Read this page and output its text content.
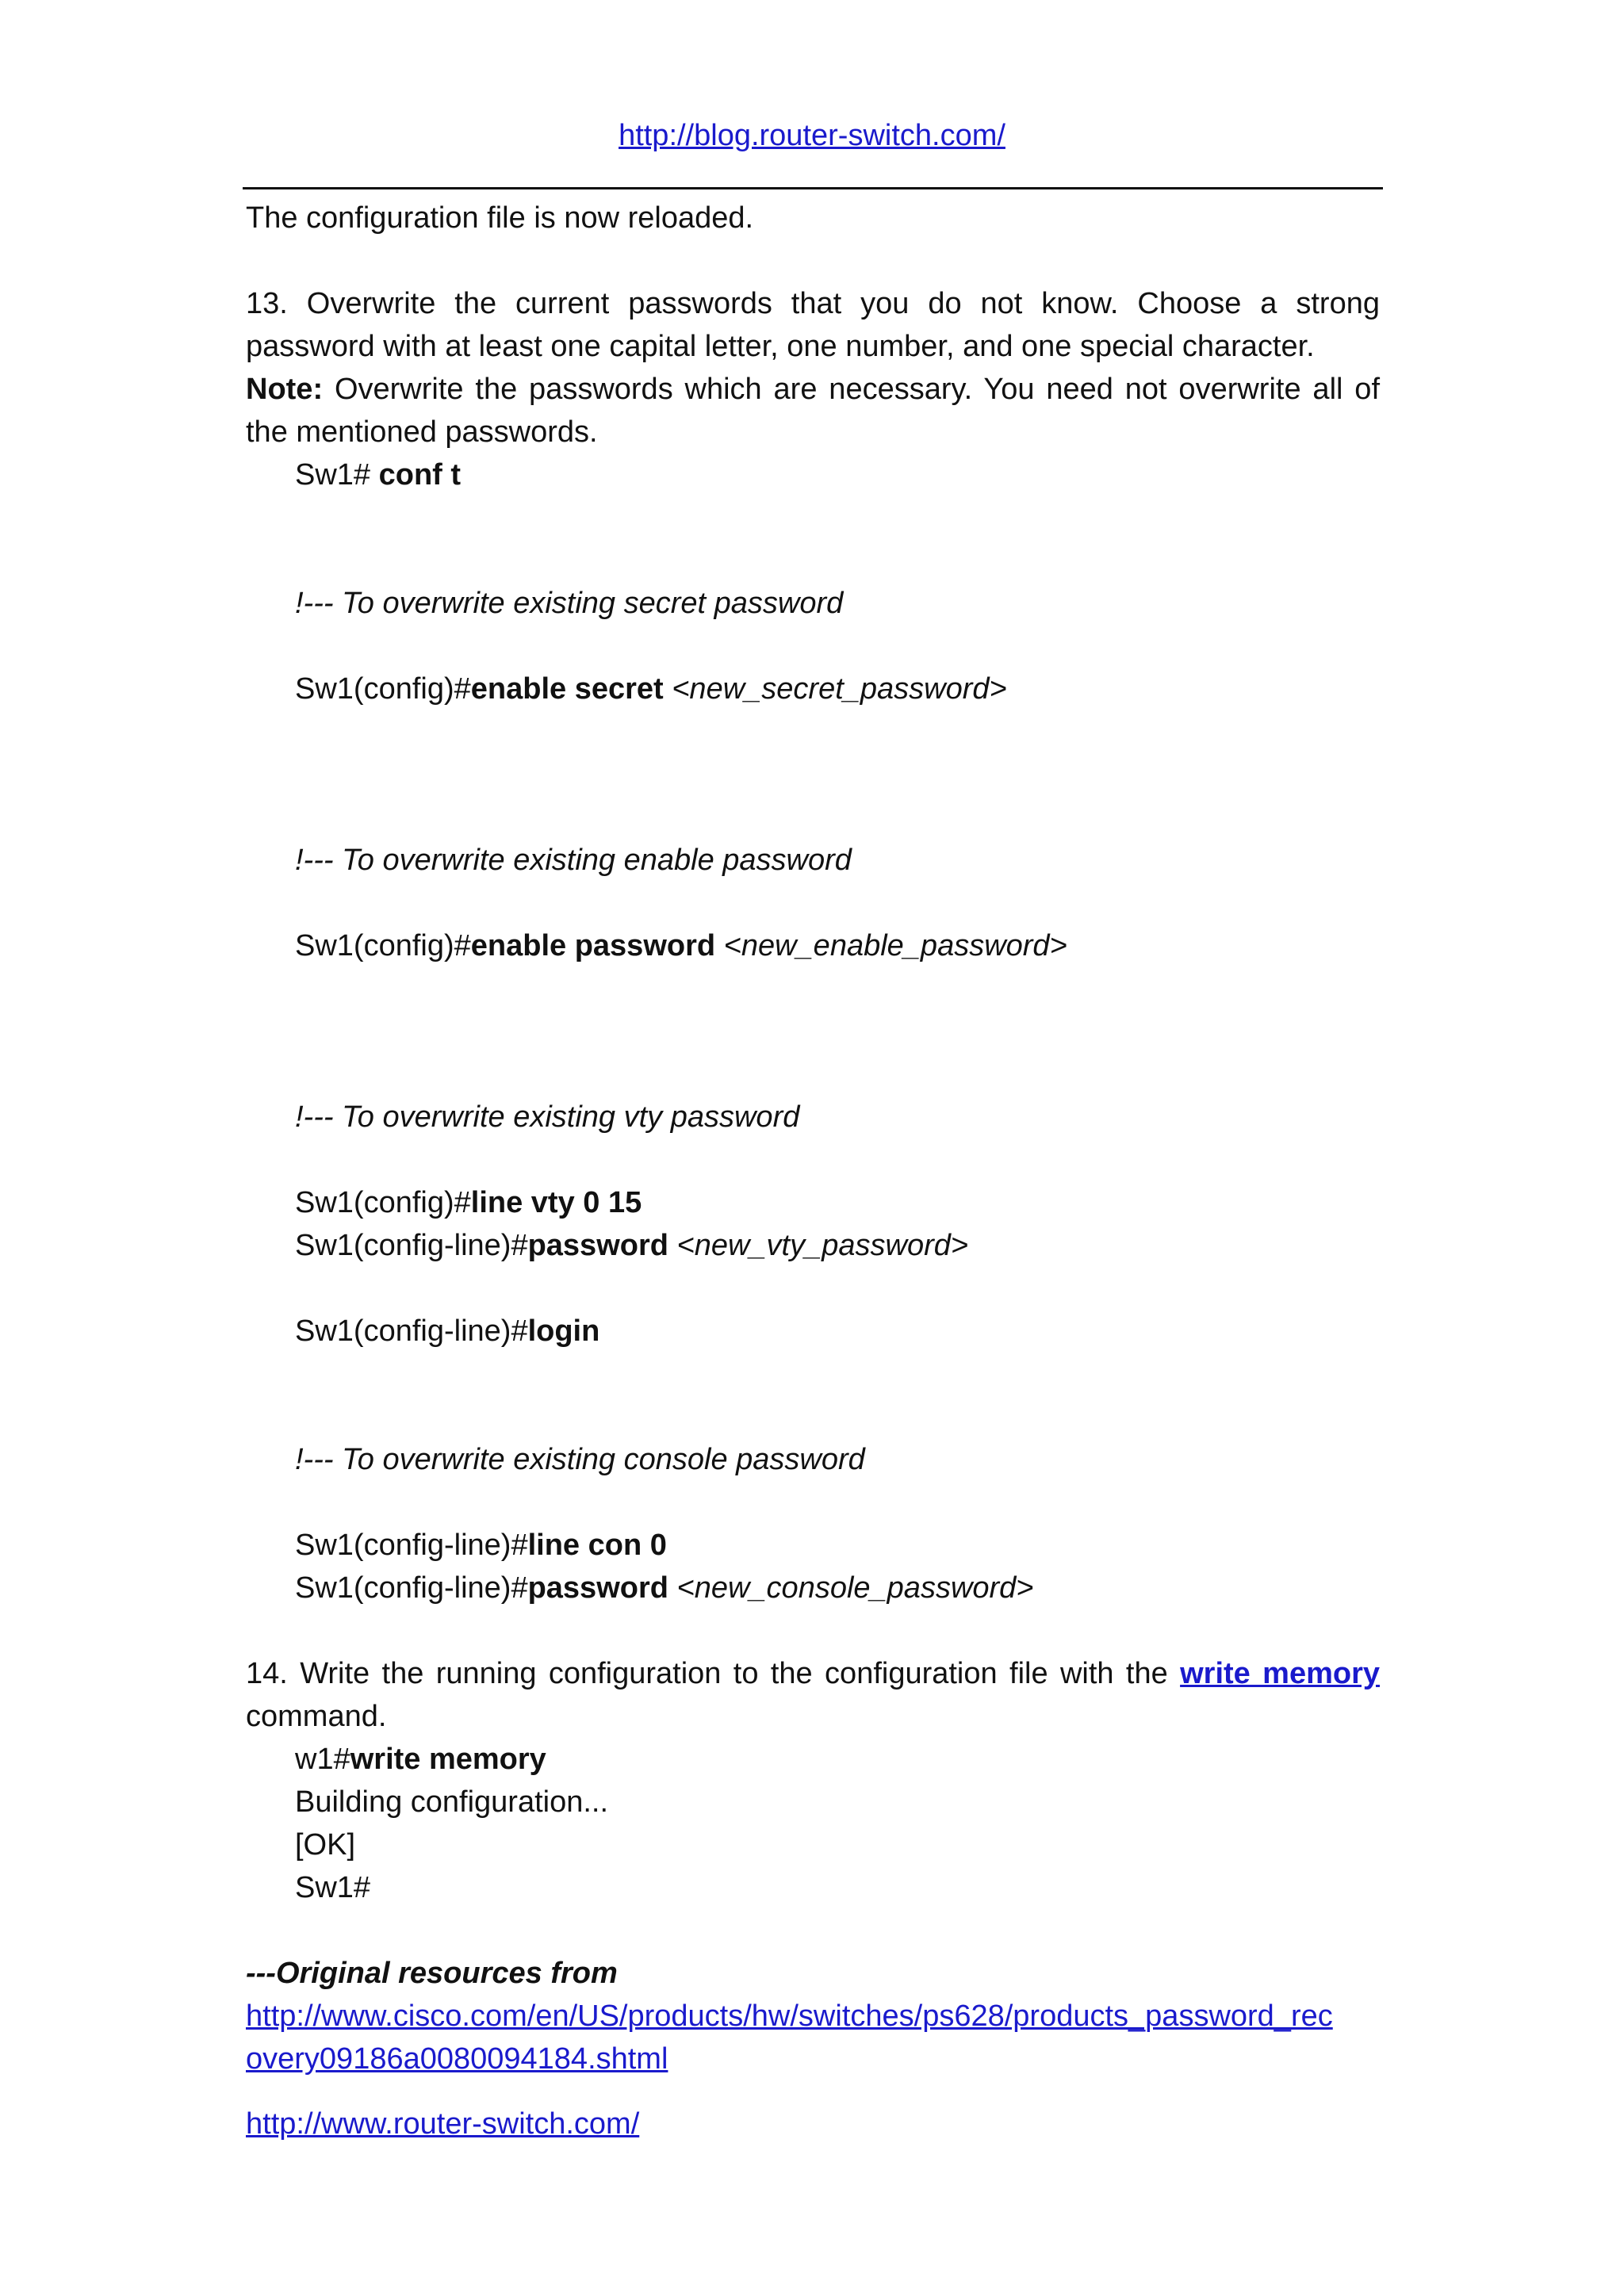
http://blog.router-switch.com/

The configuration file is now reloaded.

13. Overwrite the current passwords that you do not know. Choose a strong password with at least one capital letter, one number, and one special character.

Note: Overwrite the passwords which are necessary. You need not overwrite all of the mentioned passwords.

Sw1# conf t

!--- To overwrite existing secret password

Sw1(config)#enable secret <new_secret_password>

!--- To overwrite existing enable password

Sw1(config)#enable password <new_enable_password>

!--- To overwrite existing vty password

Sw1(config)#line vty 0 15

Sw1(config-line)#password <new_vty_password>

Sw1(config-line)#login

!--- To overwrite existing console password

Sw1(config-line)#line con 0

Sw1(config-line)#password <new_console_password>

14. Write the running configuration to the configuration file with the write memory command.

w1#write memory

Building configuration...

[OK]

Sw1#

---Original resources from

http://www.cisco.com/en/US/products/hw/switches/ps628/products_password_rec
overy09186a0080094184.shtml

http://www.router-switch.com/
